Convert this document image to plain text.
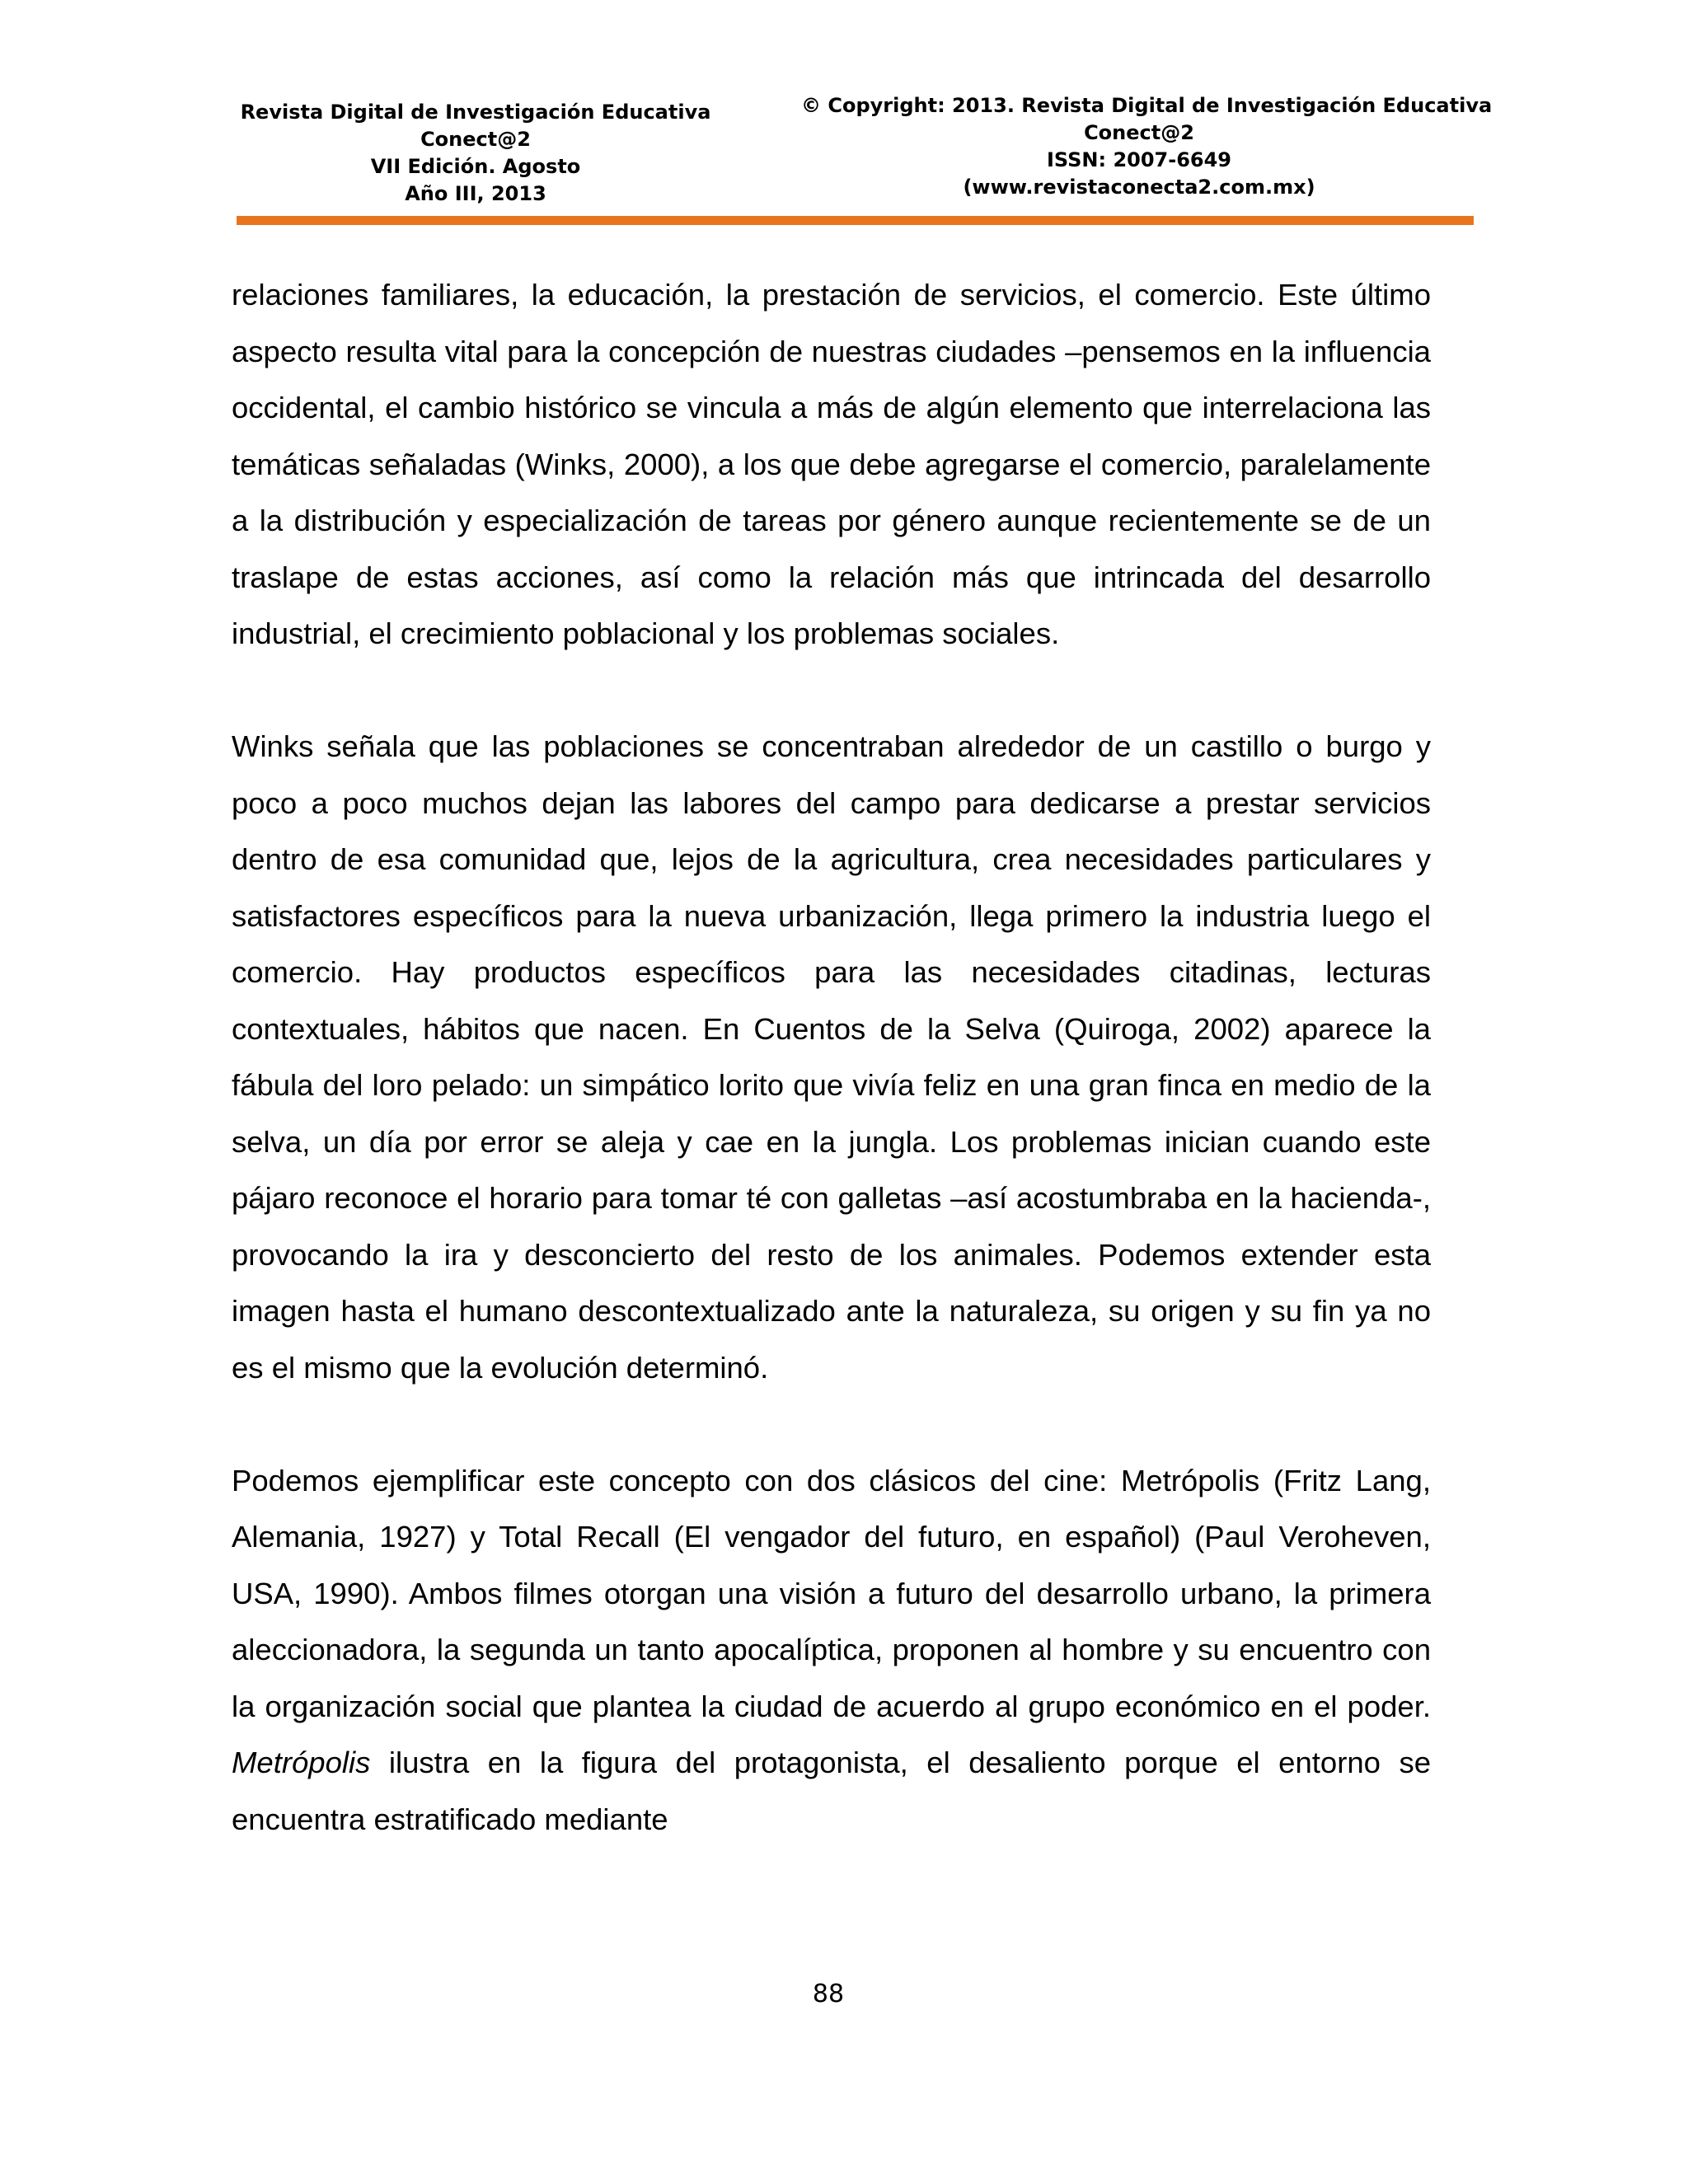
Revista Digital de Investigación Educativa
Conect@2
VII Edición. Agosto
Año III, 2013
© Copyright: 2013. Revista Digital de Investigación Educativa
Conect@2
ISSN: 2007-6649
(www.revistaconecta2.com.mx)

relaciones familiares, la educación, la prestación de servicios, el comercio. Este último aspecto resulta vital para la concepción de nuestras ciudades –pensemos en la influencia occidental, el cambio histórico se vincula a más de algún elemento que interrelaciona las temáticas señaladas (Winks, 2000), a los que debe agregarse el comercio, paralelamente a la distribución y especialización de tareas por género aunque recientemente se de un traslape de estas acciones, así como la relación más que intrincada del desarrollo industrial, el crecimiento poblacional y los problemas sociales.

Winks señala que las poblaciones se concentraban alrededor de un castillo o burgo y poco a poco muchos dejan las labores del campo para dedicarse a prestar servicios dentro de esa comunidad que, lejos de la agricultura, crea necesidades particulares y satisfactores específicos para la nueva urbanización, llega primero la industria luego el comercio. Hay productos específicos para las necesidades citadinas, lecturas contextuales, hábitos que nacen. En Cuentos de la Selva (Quiroga, 2002) aparece la fábula del loro pelado: un simpático lorito que vivía feliz en una gran finca en medio de la selva, un día por error se aleja y cae en la jungla. Los problemas inician cuando este pájaro reconoce el horario para tomar té con galletas –así acostumbraba en la hacienda-, provocando la ira y desconcierto del resto de los animales. Podemos extender esta imagen hasta el humano descontextualizado ante la naturaleza, su origen y su fin ya no es el mismo que la evolución determinó.

Podemos ejemplificar este concepto con dos clásicos del cine: Metrópolis (Fritz Lang, Alemania, 1927) y Total Recall (El vengador del futuro, en español) (Paul Veroheven, USA, 1990). Ambos filmes otorgan una visión a futuro del desarrollo urbano, la primera aleccionadora, la segunda un tanto apocalíptica, proponen al hombre y su encuentro con la organización social que plantea la ciudad de acuerdo al grupo económico en el poder. Metrópolis ilustra en la figura del protagonista, el desaliento porque el entorno se encuentra estratificado mediante

88
